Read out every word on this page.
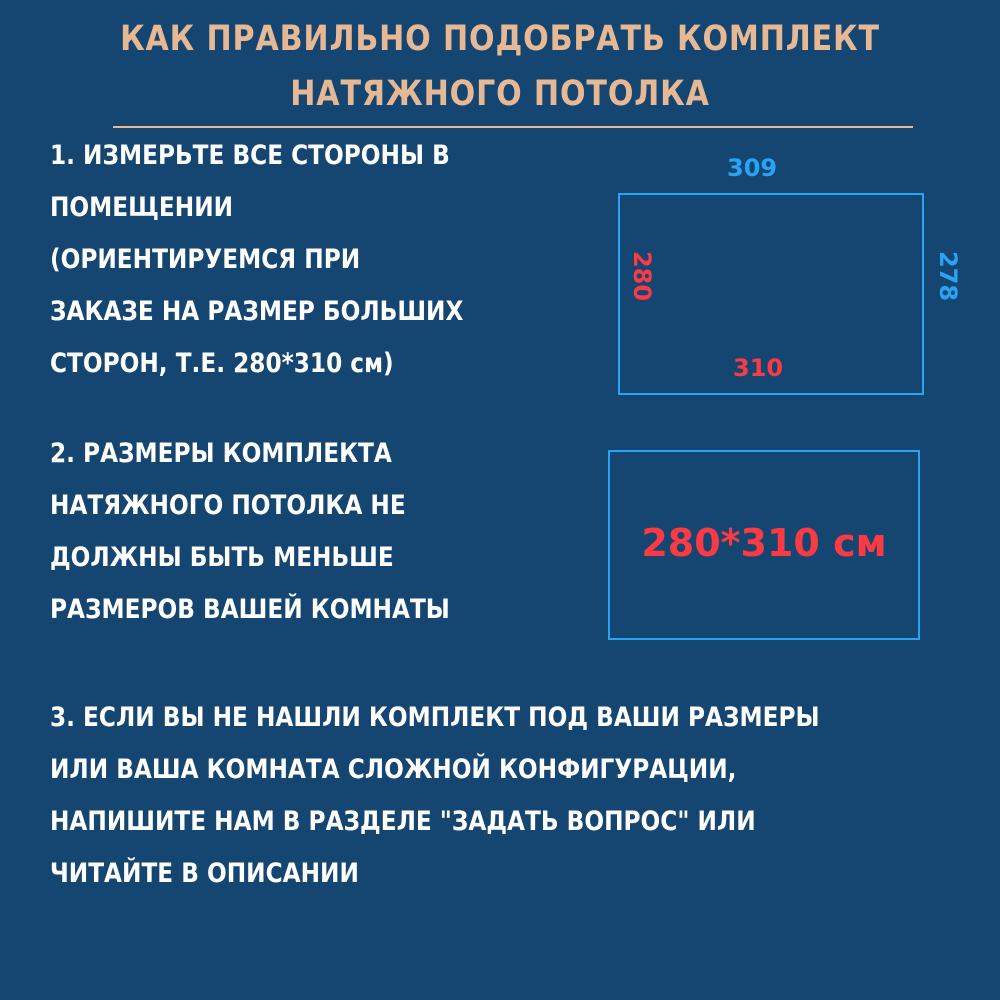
КАК ПРАВИЛЬНО ПОДОБРАТЬ КОМПЛЕКТ
НАТЯЖНОГО ПОТОЛКА
1. ИЗМЕРЬТЕ ВСЕ СТОРОНЫ В
ПОМЕЩЕНИИ
(ОРИЕНТИРУЕМСЯ ПРИ
ЗАКАЗЕ НА РАЗМЕР БОЛЬШИХ
СТОРОН, Т.Е. 280*310 см)
309
310
280	278
2. РАЗМЕРЫ КОМПЛЕКТА
НАТЯЖНОГО ПОТОЛКА НЕ
ДОЛЖНЫ БЫТЬ МЕНЬШЕ
РАЗМЕРОВ ВАШЕЙ КОМНАТЫ
280*310 см
3. ЕСЛИ ВЫ НЕ НАШЛИ КОМПЛЕКТ ПОД ВАШИ РАЗМЕРЫ
ИЛИ ВАША КОМНАТА СЛОЖНОЙ КОНФИГУРАЦИИ,
НАПИШИТЕ НАМ В РАЗДЕЛЕ "ЗАДАТЬ ВОПРОС" ИЛИ
ЧИТАЙТЕ В ОПИСАНИИ
